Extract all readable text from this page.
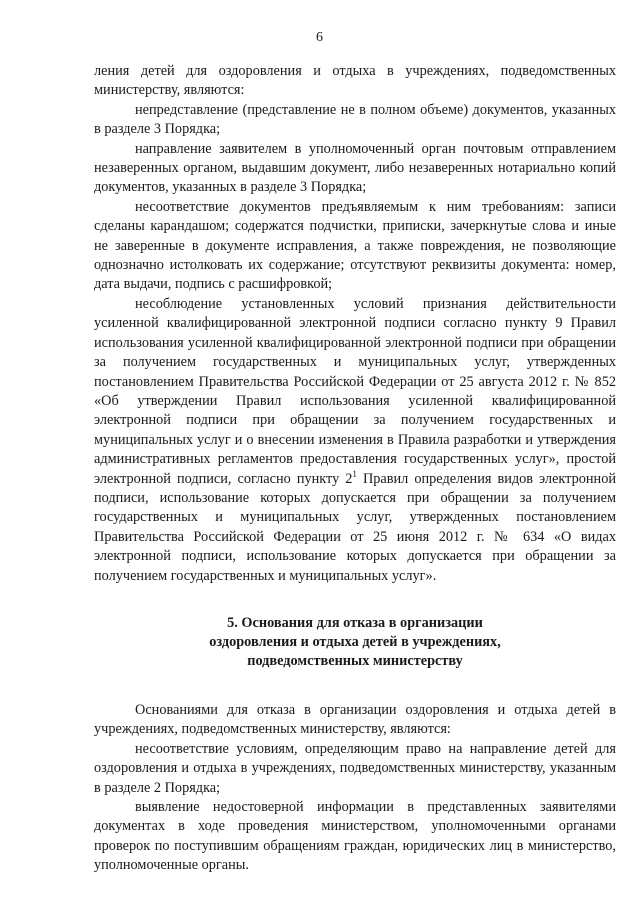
6

ления детей для оздоровления и отдыха в учреждениях, подведомственных министерству, являются:

непредставление (представление не в полном объеме) документов, указанных в разделе 3 Порядка;

направление заявителем в уполномоченный орган почтовым отправлением незаверенных органом, выдавшим документ, либо незаверенных нотариально копий документов, указанных в разделе 3 Порядка;

несоответствие документов предъявляемым к ним требованиям: записи сделаны карандашом; содержатся подчистки, приписки, зачеркнутые слова и иные не заверенные в документе исправления, а также повреждения, не позволяющие однозначно истолковать их содержание; отсутствуют реквизиты документа: номер, дата выдачи, подпись с расшифровкой;

несоблюдение установленных условий признания действительности усиленной квалифицированной электронной подписи согласно пункту 9 Правил использования усиленной квалифицированной электронной подписи при обращении за получением государственных и муниципальных услуг, утвержденных постановлением Правительства Российской Федерации от 25 августа 2012 г. № 852 «Об утверждении Правил использования усиленной квалифицированной электронной подписи при обращении за получением государственных и муниципальных услуг и о внесении изменения в Правила разработки и утверждения административных регламентов предоставления государственных услуг», простой электронной подписи, согласно пункту $2^1$ Правил определения видов электронной подписи, использование которых допускается при обращении за получением государственных и муниципальных услуг, утвержденных постановлением Правительства Российской Федерации от 25 июня 2012 г. № 634 «О видах электронной подписи, использование которых допускается при обращении за получением государственных и муниципальных услуг».

5. Основания для отказа в организации
оздоровления и отдыха детей в учреждениях,
подведомственных министерству

Основаниями для отказа в организации оздоровления и отдыха детей в учреждениях, подведомственных министерству, являются:

несоответствие условиям, определяющим право на направление детей для оздоровления и отдыха в учреждениях, подведомственных министерству, указанным в разделе 2 Порядка;

выявление недостоверной информации в представленных заявителями документах в ходе проведения министерством, уполномоченными органами проверок по поступившим обращениям граждан, юридических лиц в министерство, уполномоченные органы.
